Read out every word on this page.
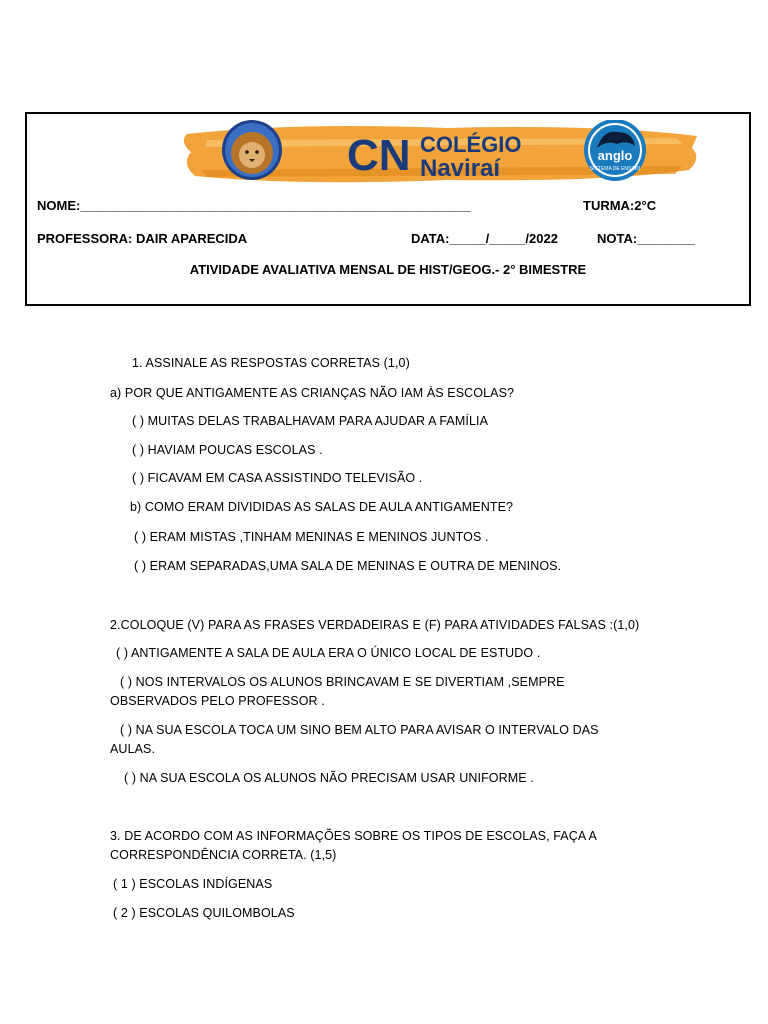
CN COLÉGIO
Naviraí	anglo
SISTEMA DE ENSINO
NOME:______________________________________________________	TURMA:2°C
PROFESSORA: DAIR APARECIDA	DATA:_____/_____/2022	NOTA:________
ATIVIDADE AVALIATIVA MENSAL DE HIST/GEOG.- 2° BIMESTRE
1. ASSINALE AS RESPOSTAS CORRETAS (1,0)
a) POR QUE ANTIGAMENTE AS CRIANÇAS NÃO IAM ÀS ESCOLAS?
( ) MUITAS DELAS TRABALHAVAM PARA AJUDAR A FAMÍLIA
( ) HAVIAM POUCAS ESCOLAS .
( ) FICAVAM EM CASA ASSISTINDO TELEVISÃO .
b) COMO ERAM DIVIDIDAS AS SALAS DE AULA ANTIGAMENTE?
( ) ERAM MISTAS ,TINHAM MENINAS E MENINOS JUNTOS .
( ) ERAM SEPARADAS,UMA SALA DE MENINAS E OUTRA DE MENINOS.
2.COLOQUE (V) PARA AS FRASES VERDADEIRAS E (F) PARA ATIVIDADES FALSAS :(1,0)
( ) ANTIGAMENTE A SALA DE AULA ERA O ÚNICO LOCAL DE ESTUDO .
( ) NOS INTERVALOS OS ALUNOS BRINCAVAM E SE DIVERTIAM ,SEMPRE
OBSERVADOS PELO PROFESSOR .
( ) NA SUA ESCOLA TOCA UM SINO BEM ALTO PARA AVISAR O INTERVALO DAS
AULAS.
( ) NA SUA ESCOLA OS ALUNOS NÃO PRECISAM USAR UNIFORME .
3. DE ACORDO COM AS INFORMAÇÕES SOBRE OS TIPOS DE ESCOLAS, FAÇA A
CORRESPONDÊNCIA CORRETA. (1,5)
( 1 ) ESCOLAS INDÍGENAS
( 2 ) ESCOLAS QUILOMBOLAS
